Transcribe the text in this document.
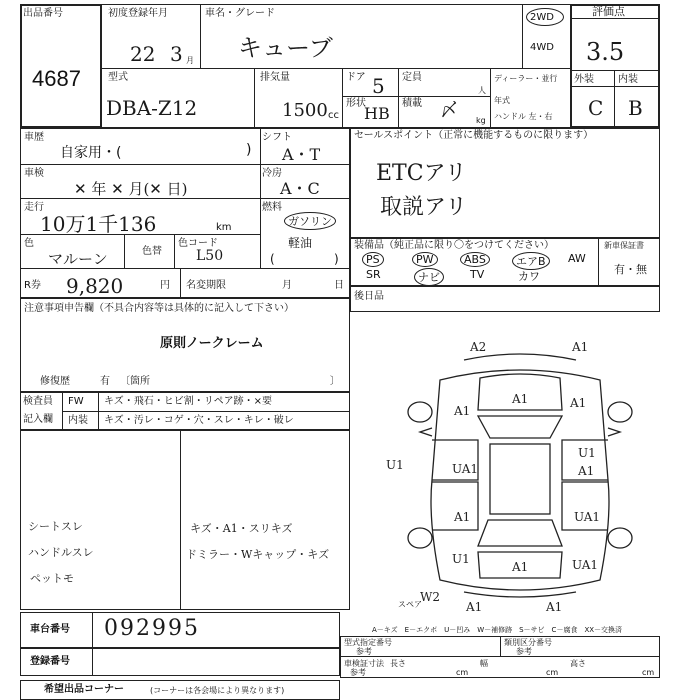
出品番号
4687
初度登録年月
22 3 月
車名・グレード
キューブ
2WD
4WD
評価点
3.5
外装 内装
C B
型式
DBA-Z12
排気量
1500 cc
ドア 5
形状
HB
定員
人
積載
kg
〆
ディーラー・並行
年式
ハンドル 左・右
車歴
自家用・(	)
シフト
A・T
冷房
A・C
燃料
ガソリン
軽油
(	)
車検
✕ 年 ✕ 月(✕ 日)
走行
10万1千136	km
色
マルーン	色替
色コード
L50
R券 9,820	円 名変期限	月	日
注意事項申告欄（不具合内容等は具体的に記入して下さい）
原則ノークレーム
修復歴	有 〔箇所	〕
検査員
記入欄
FW キズ・飛石・ヒビ割・リペア跡・×要
内装 キズ・汚レ・コゲ・穴・スレ・キレ・破レ
シートスレ
ハンドルスレ
ペットモ
キズ・A1・スリキズ
ドミラー・Wキャップ・キズ
セールスポイント（正常に機能するものに限ります）
ETCアリ
取説アリ
装備品（純正品に限り〇をつけてください）	新車保証書
有・無
PS	PW	ABS	エアB	AW
SR	ナビ	TV	カワ
後日品
A2	A1
A1	A1
A1
U1	UA1
U1
A1
A1	UA1
U1
A1	UA1
W2
A1	A1
スペア
A－キズ　E－エクボ　U－凹み　W－補修跡　S－サビ　C－腐食　XX－交換済
車台番号 092995
登録番号
希望出品コーナー	(コーナーは各会場により異なります)
型式指定番号
参考
類別区分番号
参考
車検証寸法
参考
長さ
cm
幅
cm
高さ
cm
